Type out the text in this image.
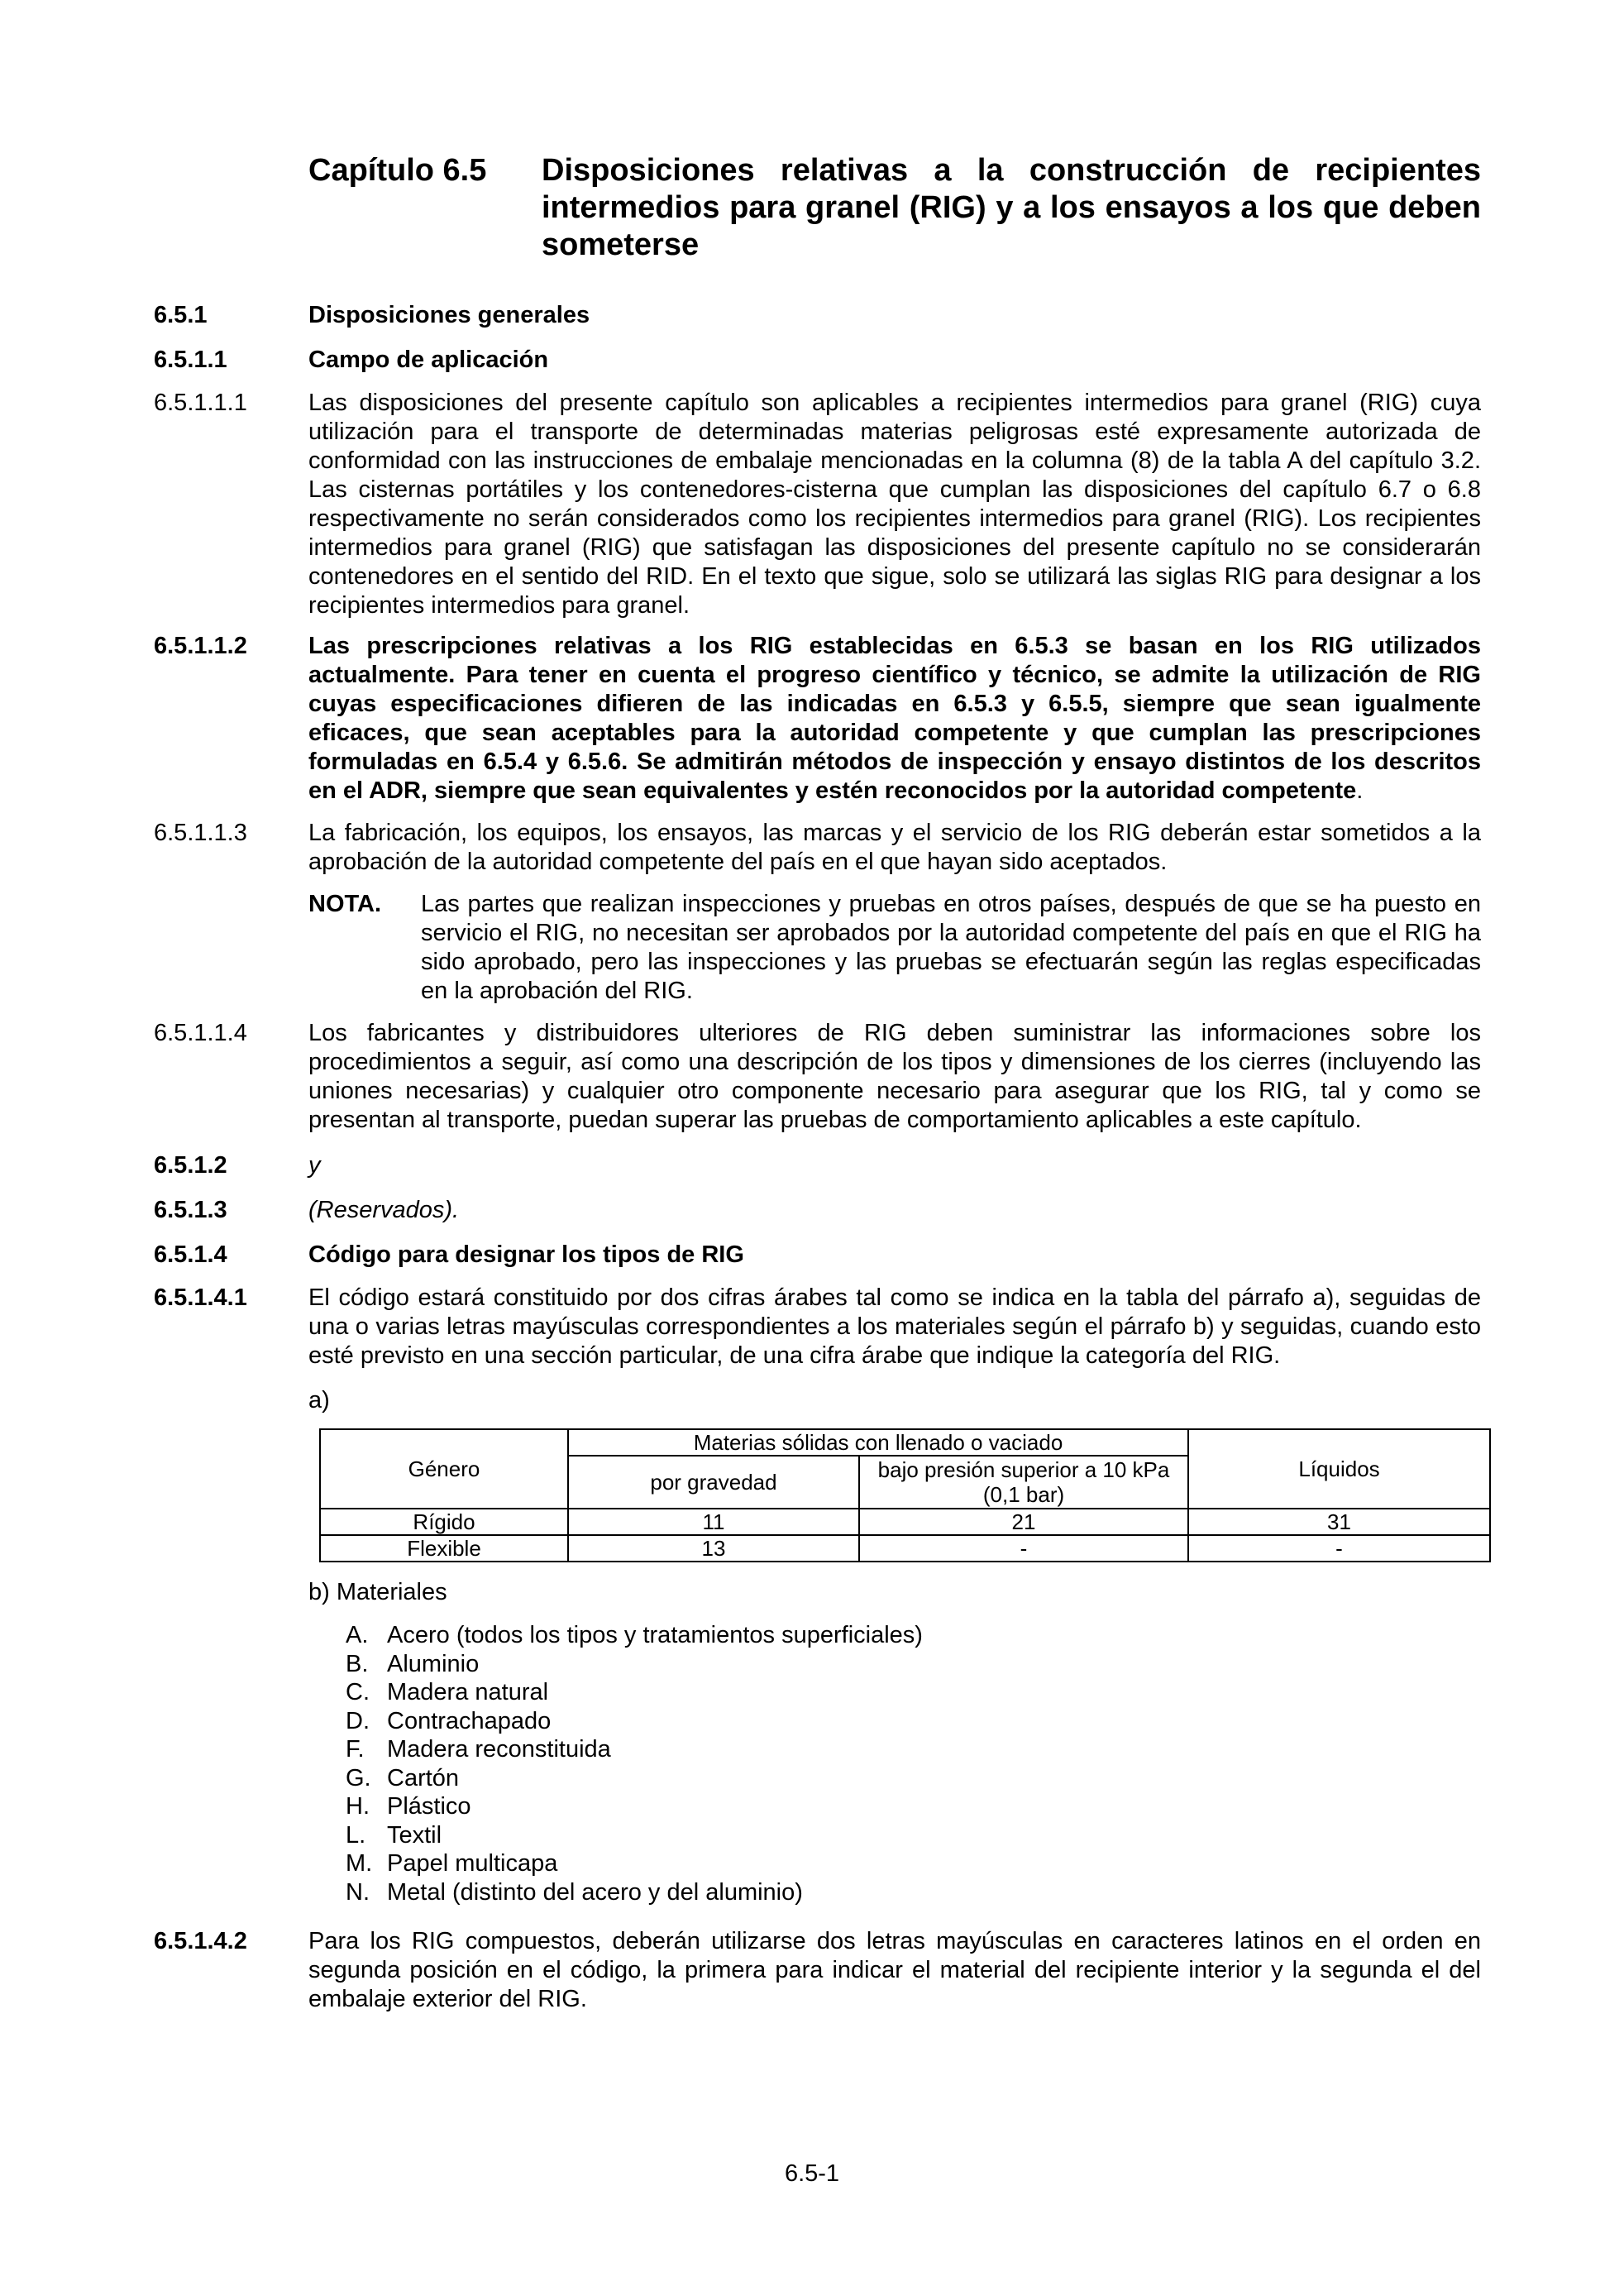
Capítulo 6.5 Disposiciones relativas a la construcción de recipientes intermedios para granel (RIG) y a los ensayos a los que deben someterse
6.5.1	Disposiciones generales
6.5.1.1	Campo de aplicación
6.5.1.1.1	Las disposiciones del presente capítulo son aplicables a recipientes intermedios para granel (RIG) cuya utilización para el transporte de determinadas materias peligrosas esté expresamente autorizada de conformidad con las instrucciones de embalaje mencionadas en la columna (8) de la tabla A del capítulo 3.2. Las cisternas portátiles y los contenedores-cisterna que cumplan las disposiciones del capítulo 6.7 o 6.8 respectivamente no serán considerados como los recipientes intermedios para granel (RIG). Los recipientes intermedios para granel (RIG) que satisfagan las disposiciones del presente capítulo no se considerarán contenedores en el sentido del RID. En el texto que sigue, solo se utilizará las siglas RIG para designar a los recipientes intermedios para granel.
6.5.1.1.2	Las prescripciones relativas a los RIG establecidas en 6.5.3 se basan en los RIG utilizados actualmente. Para tener en cuenta el progreso científico y técnico, se admite la utilización de RIG cuyas especificaciones difieren de las indicadas en 6.5.3 y 6.5.5, siempre que sean igualmente eficaces, que sean aceptables para la autoridad competente y que cumplan las prescripciones formuladas en 6.5.4 y 6.5.6. Se admitirán métodos de inspección y ensayo distintos de los descritos en el ADR, siempre que sean equivalentes y estén reconocidos por la autoridad competente.
6.5.1.1.3	La fabricación, los equipos, los ensayos, las marcas y el servicio de los RIG deberán estar sometidos a la aprobación de la autoridad competente del país en el que hayan sido aceptados.
NOTA. Las partes que realizan inspecciones y pruebas en otros países, después de que se ha puesto en servicio el RIG, no necesitan ser aprobados por la autoridad competente del país en que el RIG ha sido aprobado, pero las inspecciones y las pruebas se efectuarán según las reglas especificadas en la aprobación del RIG.
6.5.1.1.4	Los fabricantes y distribuidores ulteriores de RIG deben suministrar las informaciones sobre los procedimientos a seguir, así como una descripción de los tipos y dimensiones de los cierres (incluyendo las uniones necesarias) y cualquier otro componente necesario para asegurar que los RIG, tal y como se presentan al transporte, puedan superar las pruebas de comportamiento aplicables a este capítulo.
6.5.1.2	y
6.5.1.3	(Reservados).
6.5.1.4	Código para designar los tipos de RIG
6.5.1.4.1	El código estará constituido por dos cifras árabes tal como se indica en la tabla del párrafo a), seguidas de una o varias letras mayúsculas correspondientes a los materiales según el párrafo b) y seguidas, cuando esto esté previsto en una sección particular, de una cifra árabe que indique la categoría del RIG.
a)
Género	Materias sólidas con llenado o vaciado		Líquidos
	por gravedad	bajo presión superior a 10 kPa (0,1 bar)	
Rígido	11	21	31
Flexible	13	-	-
b) Materiales
A. Acero (todos los tipos y tratamientos superficiales)
B. Aluminio
C. Madera natural
D. Contrachapado
F. Madera reconstituida
G. Cartón
H. Plástico
L. Textil
M. Papel multicapa
N. Metal (distinto del acero y del aluminio)
6.5.1.4.2	Para los RIG compuestos, deberán utilizarse dos letras mayúsculas en caracteres latinos en el orden en segunda posición en el código, la primera para indicar el material del recipiente interior y la segunda el del embalaje exterior del RIG.
6.5-1
